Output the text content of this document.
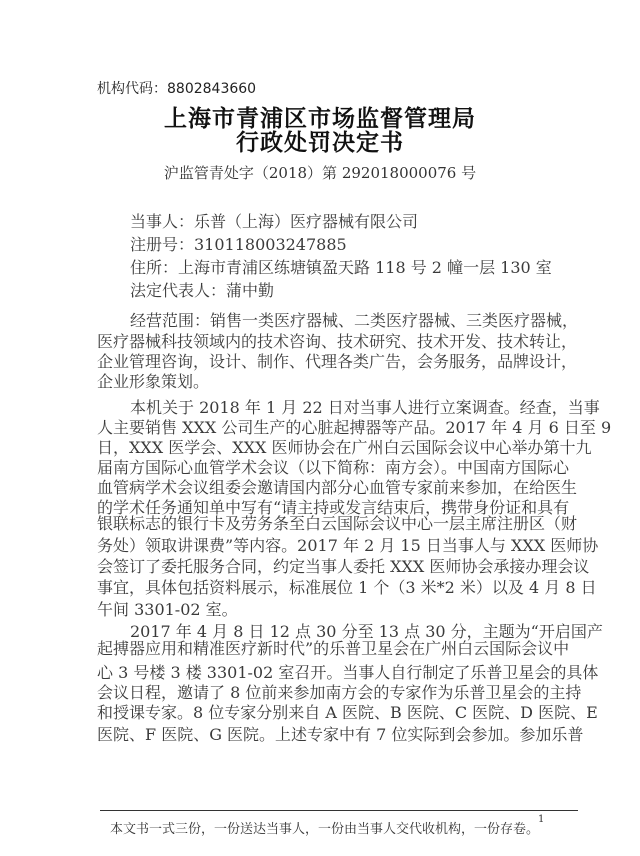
机构代码：8802843660
上海市青浦区市场监督管理局
行政处罚决定书
沪监管青处字（2018）第 292018000076 号
当事人：乐普（上海）医疗器械有限公司
注册号：310118003247885
住所：上海市青浦区练塘镇盈天路 118 号 2 幢一层 130 室
法定代表人：蒲中勤
经营范围：销售一类医疗器械、二类医疗器械、三类医疗器械，
医疗器械科技领域内的技术咨询、技术研究、技术开发、技术转让，
企业管理咨询，设计、制作、代理各类广告，会务服务，品牌设计，
企业形象策划。
本机关于 2018 年 1 月 22 日对当事人进行立案调查。经查，当事
人主要销售 XXX 公司生产的心脏起搏器等产品。2017 年 4 月 6 日至 9
日，XXX 医学会、XXX 医师协会在广州白云国际会议中心举办第十九
届南方国际心血管学术会议（以下简称：南方会）。中国南方国际心
血管病学术会议组委会邀请国内部分心血管专家前来参加，在给医生
的学术任务通知单中写有“请主持或发言结束后，携带身份证和具有
银联标志的银行卡及劳务条至白云国际会议中心一层主席注册区（财
务处）领取讲课费”等内容。2017 年 2 月 15 日当事人与 XXX 医师协
会签订了委托服务合同，约定当事人委托 XXX 医师协会承接办理会议
事宜，具体包括资料展示，标准展位 1 个（3 米*2 米）以及 4 月 8 日
午间 3301-02 室。
2017 年 4 月 8 日 12 点 30 分至 13 点 30 分，主题为“开启国产
起搏器应用和精准医疗新时代”的乐普卫星会在广州白云国际会议中
心 3 号楼 3 楼 3301-02 室召开。当事人自行制定了乐普卫星会的具体
会议日程，邀请了 8 位前来参加南方会的专家作为乐普卫星会的主持
和授课专家。8 位专家分别来自 A 医院、B 医院、C 医院、D 医院、E
医院、F 医院、G 医院。上述专家中有 7 位实际到会参加。参加乐普
本文书一式三份，一份送达当事人，一份由当事人交代收机构，一份存卷。
1
